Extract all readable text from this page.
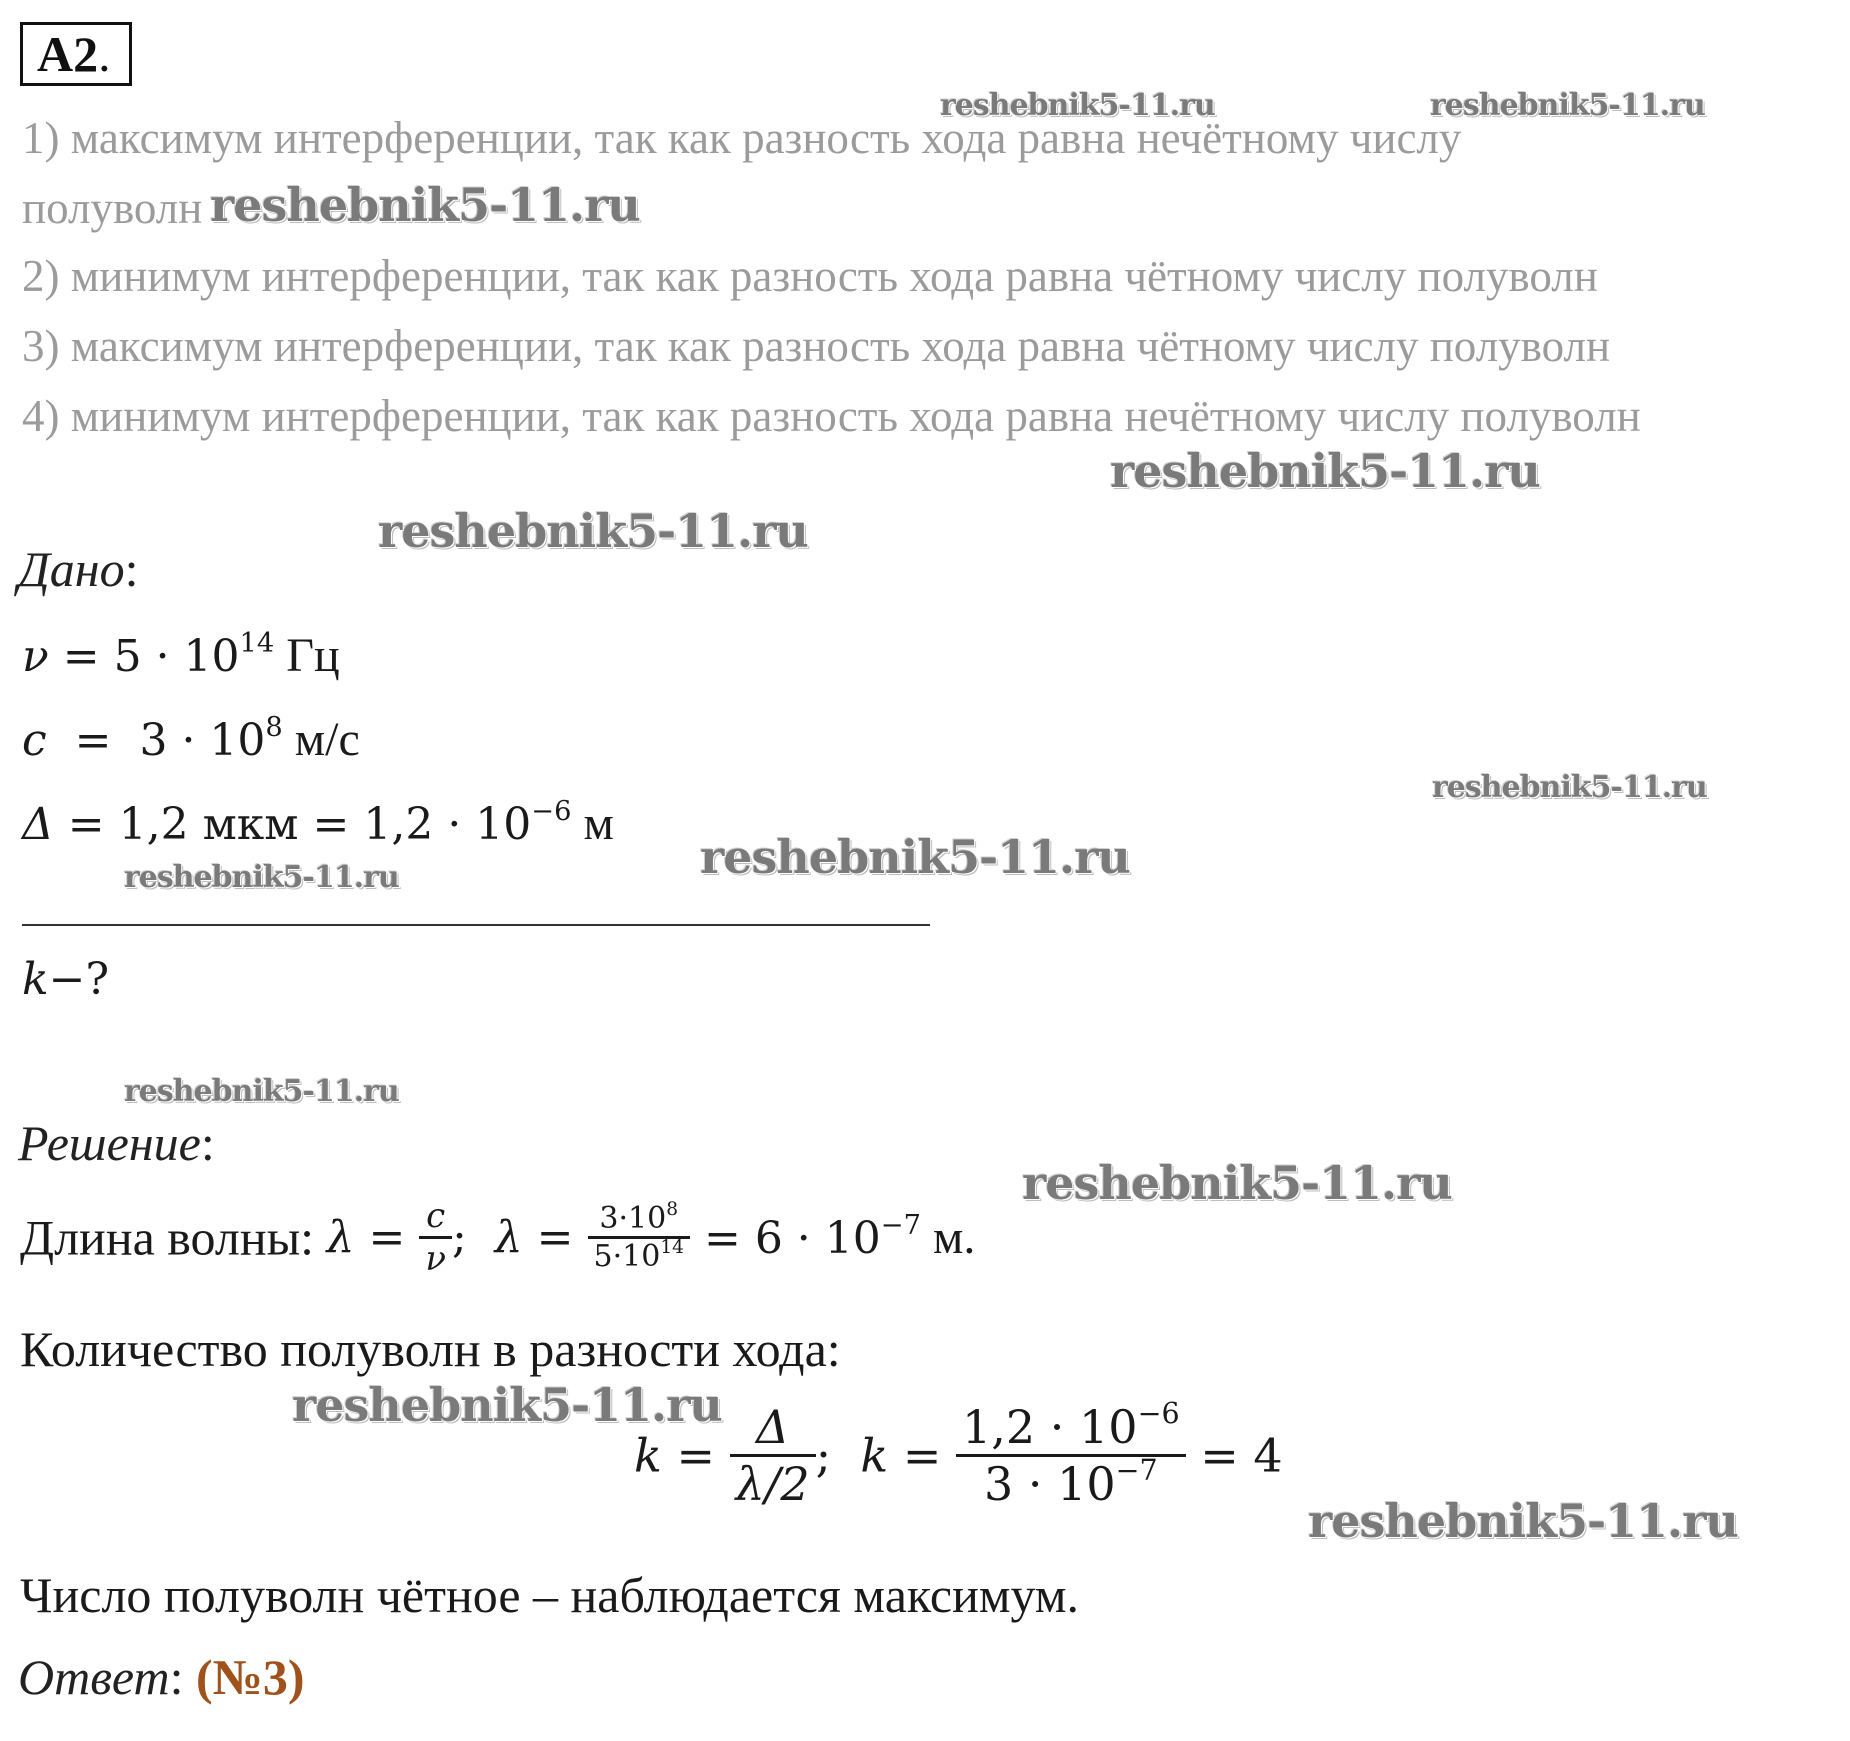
А2.
1) максимум интерференции, так как разность хода равна нечётному числу
полуволн
2) минимум интерференции, так как разность хода равна чётному числу полуволн
3) максимум интерференции, так как разность хода равна чётному числу полуволн
4) минимум интерференции, так как разность хода равна нечётному числу полуволн
Дано:
$\nu = 5 \cdot 10^{14}$ Гц
$c = 3 \cdot 10^8$ м/с
Δ = 1,2 мкм = $1,2 \cdot 10^{-6}$ м
k−?
Решение:
Длина волны: $\lambda = \frac{c}{\nu}$ ;  $\lambda = \frac{3\cdot 10^8}{5\cdot 10^{14}} = 6 \cdot 10^{-7}$ м.
Количество полуволн в разности хода:
$k = \frac{\Delta}{\lambda/2}$ ;  $k = \frac{1,2 \cdot 10^{-6}}{3 \cdot 10^{-7}} = 4$
Число полуволн чётное – наблюдается максимум.
Ответ: (№3)
reshebnik5-11.ru	reshebnik5-11.ru
reshebnik5-11.ru
reshebnik5-11.ru
reshebnik5-11.ru
reshebnik5-11.ru
reshebnik5-11.ru
reshebnik5-11.ru
reshebnik5-11.ru
reshebnik5-11.ru
reshebnik5-11.ru
reshebnik5-11.ru
